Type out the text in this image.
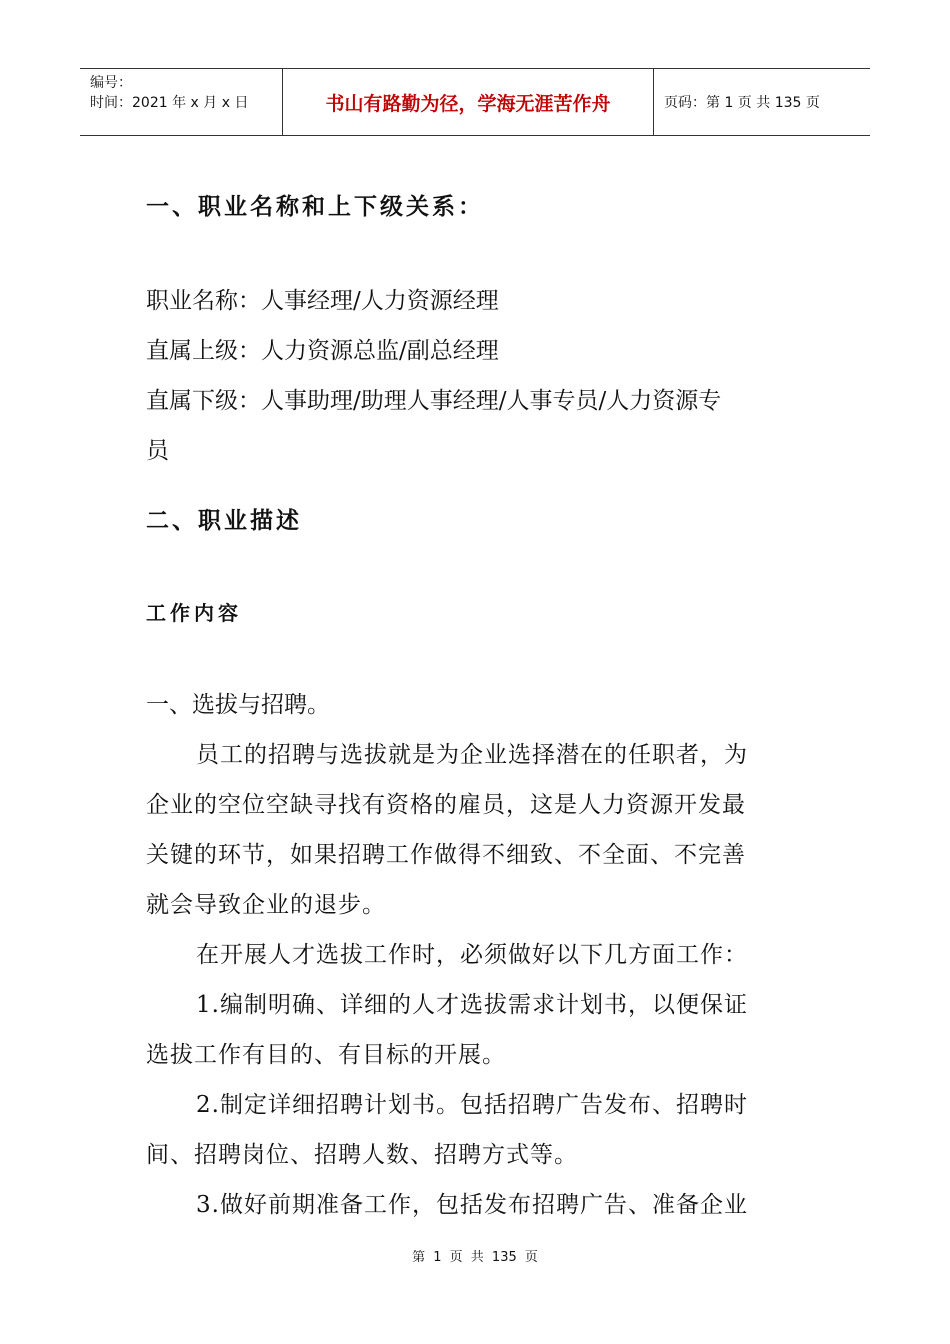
编号：
时间：2021 年 x 月 x 日	书山有路勤为径，学海无涯苦作舟	页码：第 1 页 共 135 页
一、职业名称和上下级关系：
职业名称：人事经理/人力资源经理
直属上级：人力资源总监/副总经理
直属下级：人事助理/助理人事经理/人事专员/人力资源专
员
二、职业描述
工作内容
一、选拔与招聘。
员工的招聘与选拔就是为企业选择潜在的任职者，为
企业的空位空缺寻找有资格的雇员，这是人力资源开发最
关键的环节，如果招聘工作做得不细致、不全面、不完善
就会导致企业的退步。
在开展人才选拔工作时，必须做好以下几方面工作：
1.编制明确、详细的人才选拔需求计划书，以便保证
选拔工作有目的、有目标的开展。
2.制定详细招聘计划书。包括招聘广告发布、招聘时
间、招聘岗位、招聘人数、招聘方式等。
3.做好前期准备工作，包括发布招聘广告、准备企业
第 1 页 共 135 页
